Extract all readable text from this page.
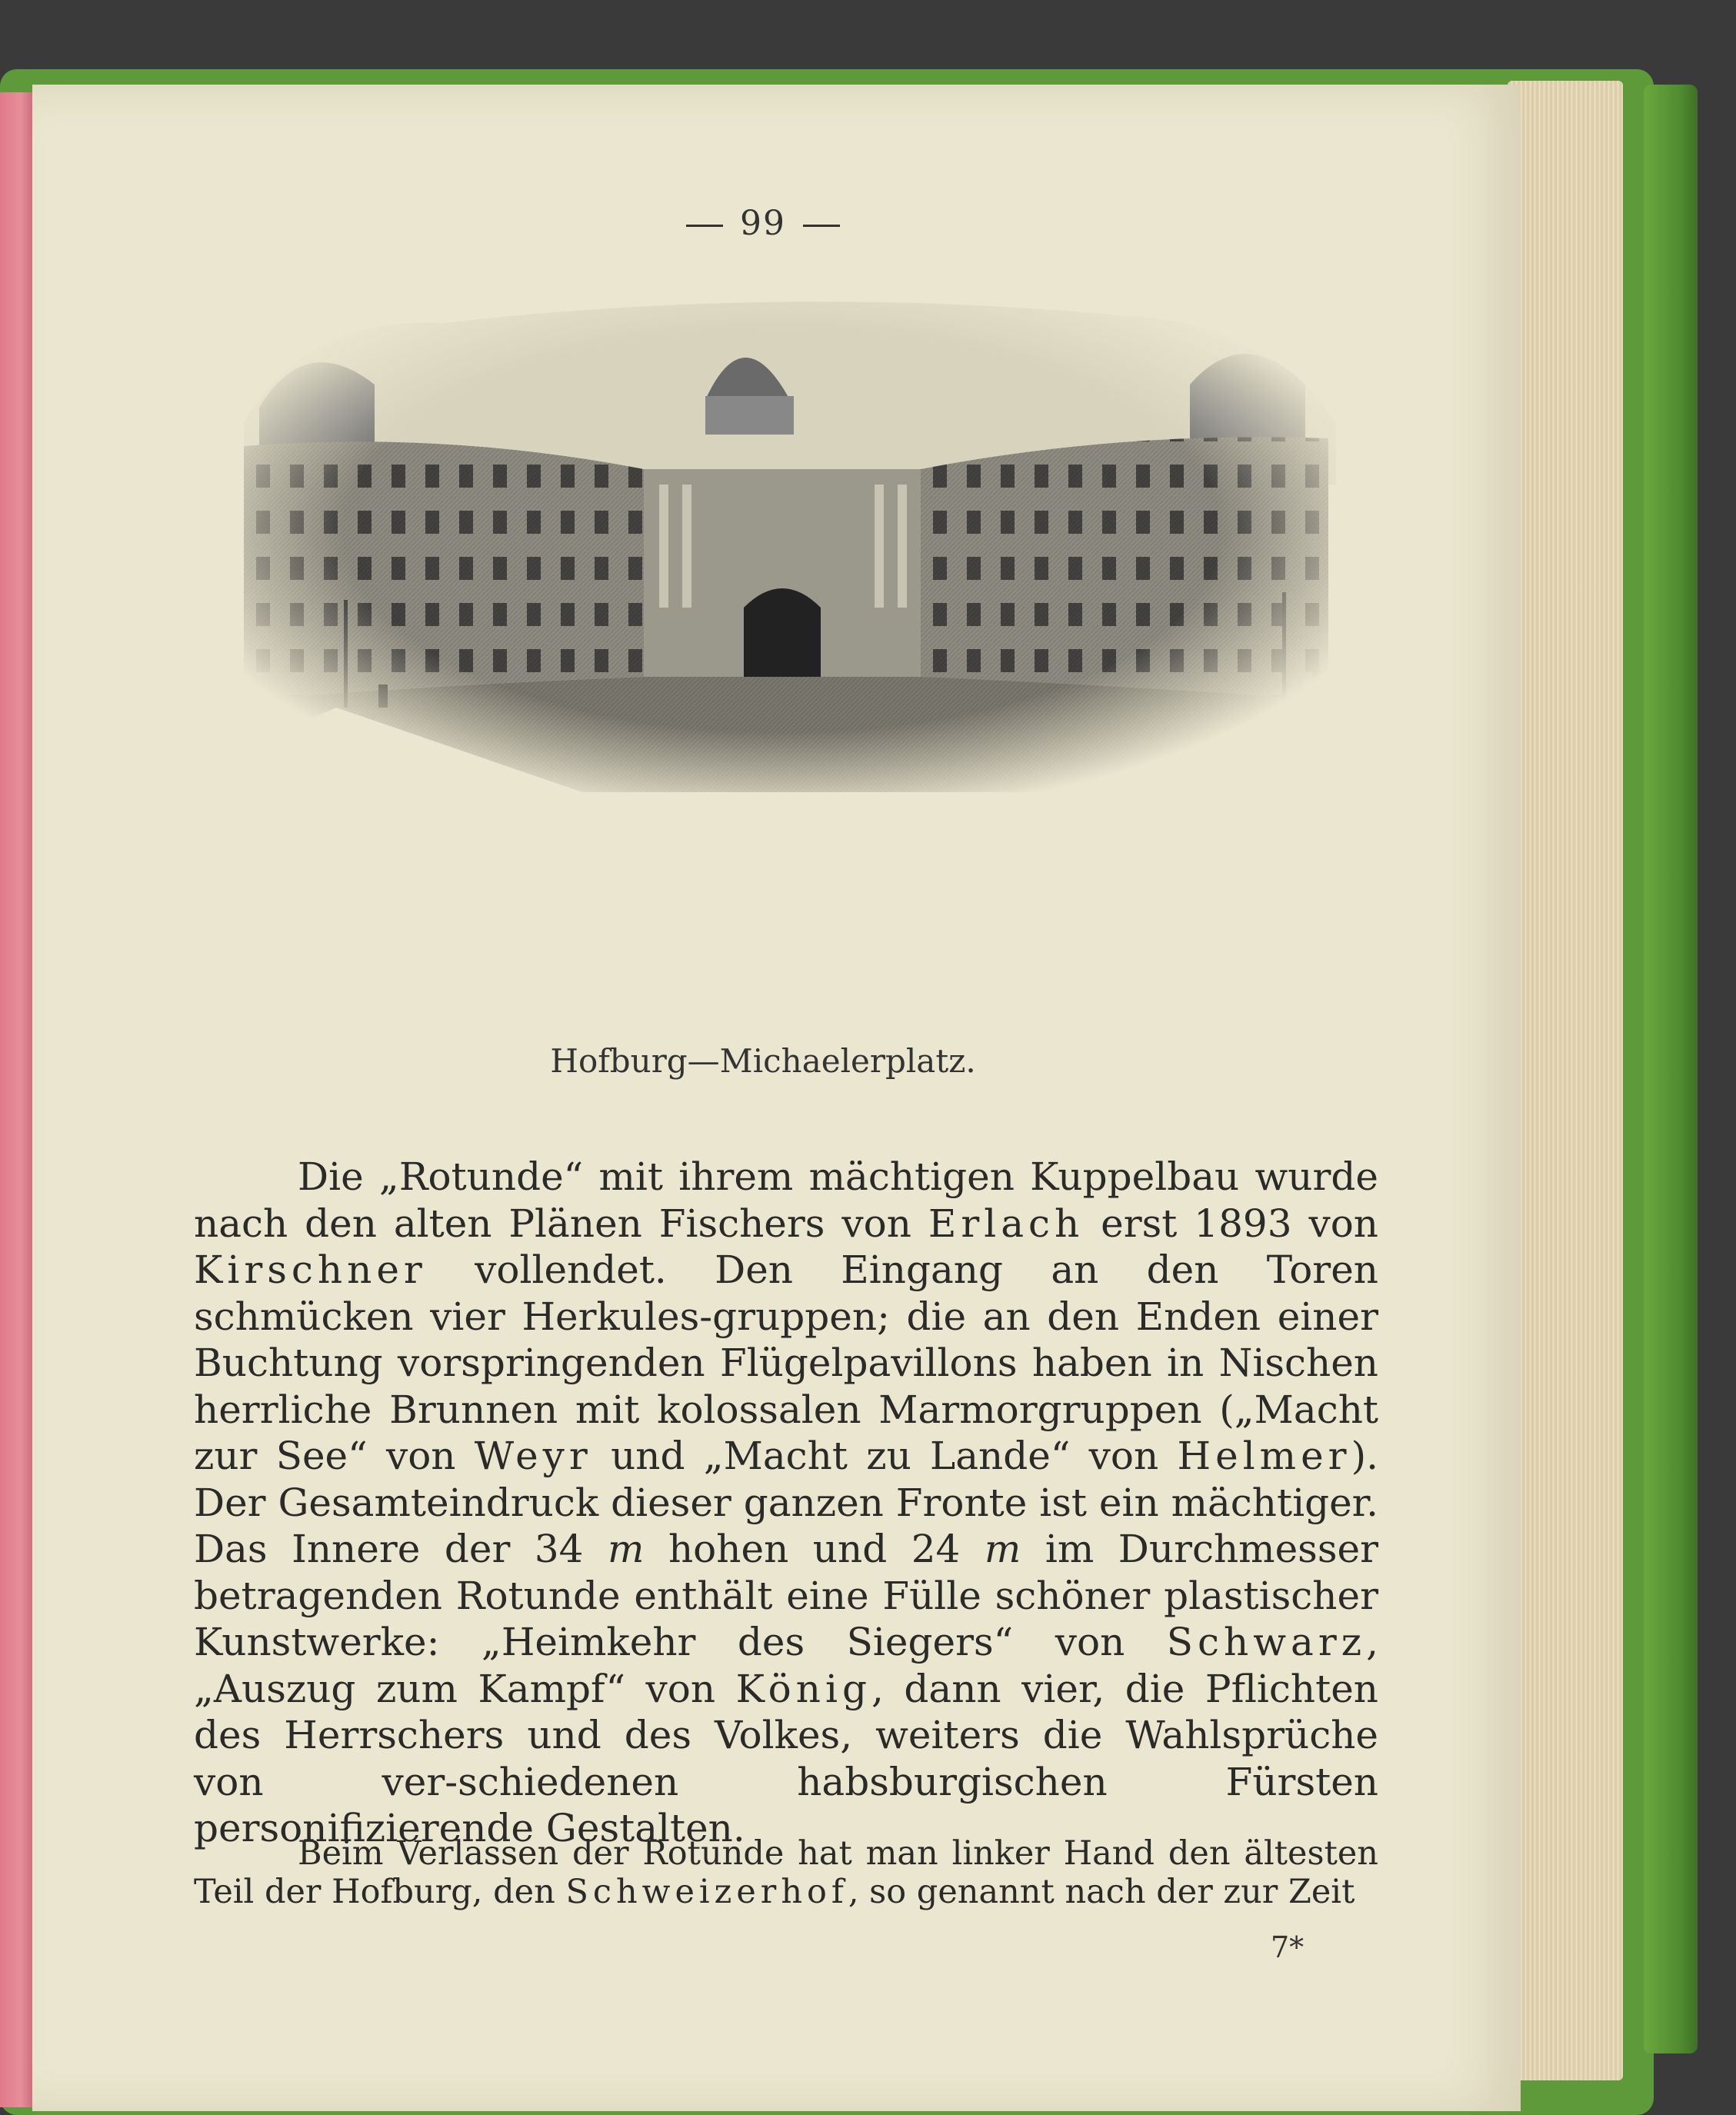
99
Hofburg—Michaelerplatz.

Die „Rotunde“ mit ihrem mächtigen Kuppelbau wurde nach den alten Plänen Fischers von Erlach erst 1893 von Kirschner vollendet. Den Eingang an den Toren schmücken vier Herkules-gruppen; die an den Enden einer Buchtung vorspringenden Flügelpavillons haben in Nischen herrliche Brunnen mit kolossalen Marmorgruppen („Macht zur See“ von Weyr und „Macht zu Lande“ von Helmer). Der Gesamteindruck dieser ganzen Fronte ist ein mächtiger. Das Innere der 34 m hohen und 24 m im Durchmesser betragenden Rotunde enthält eine Fülle schöner plastischer Kunstwerke: „Heimkehr des Siegers“ von Schwarz, „Auszug zum Kampf“ von König, dann vier, die Pflichten des Herrschers und des Volkes, weiters die Wahlsprüche von ver-schiedenen habsburgischen Fürsten personifizierende Gestalten.

Beim Verlassen der Rotunde hat man linker Hand den ältesten Teil der Hofburg, den Schweizerhof, so genannt nach der zur Zeit

7*
